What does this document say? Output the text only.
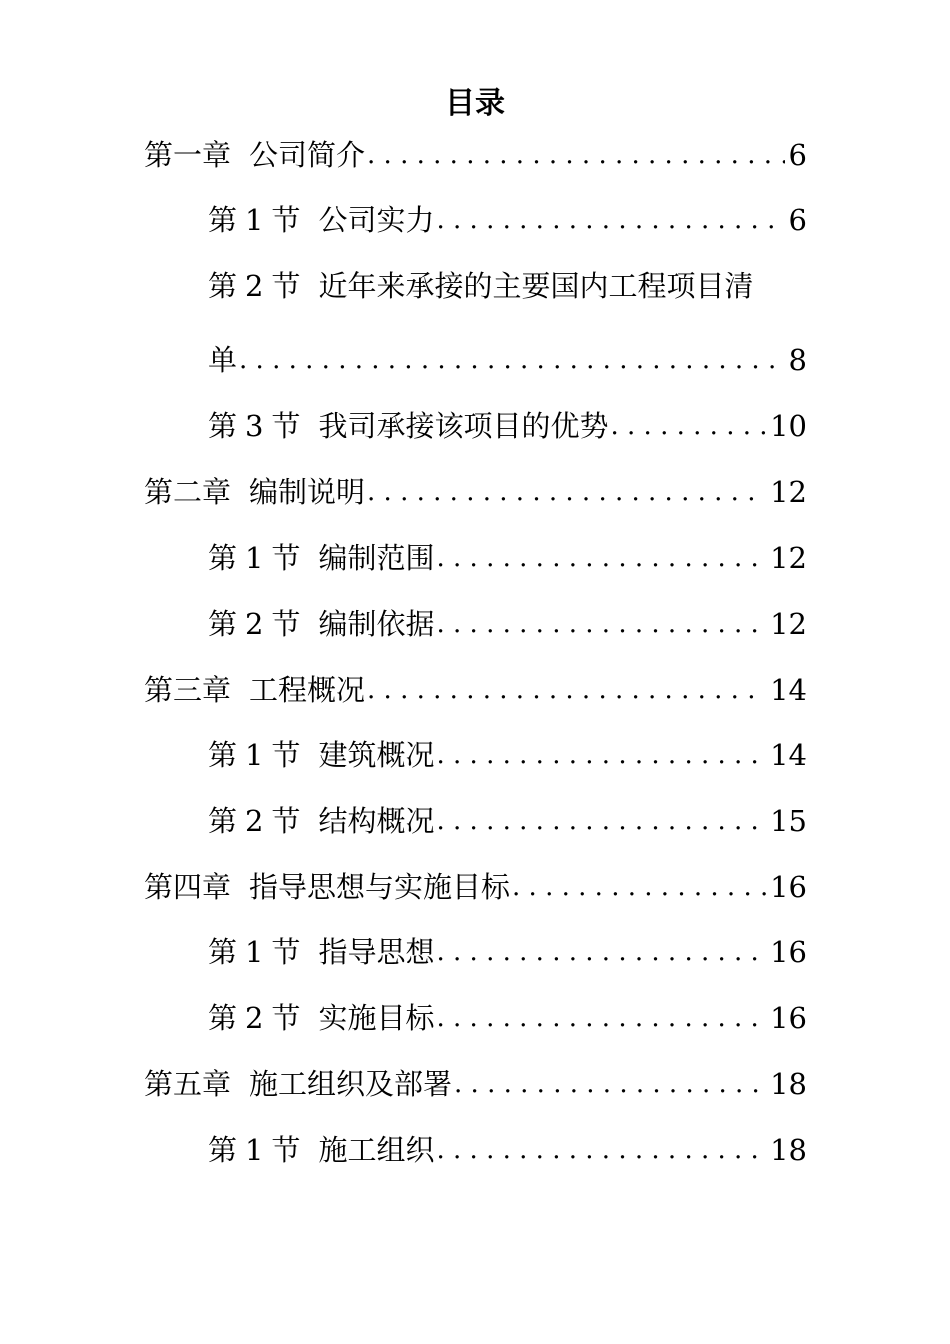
目录
第一章 公司简介 . . .	6
第 1 节 公司实力 . . .	6
第 2 节 近年来承接的主要国内工程项目清
单 . . .	8
第 3 节 我司承接该项目的优势 . . .	10
第二章 编制说明 . . .	12
第 1 节 编制范围 . . .	12
第 2 节 编制依据 . . .	12
第三章 工程概况 . . .	14
第 1 节 建筑概况 . . .	14
第 2 节 结构概况 . . .	15
第四章 指导思想与实施目标 . . .	16
第 1 节 指导思想 . . .	16
第 2 节 实施目标 . . .	16
第五章 施工组织及部署 . . .	18
第 1 节 施工组织 . . .	18
